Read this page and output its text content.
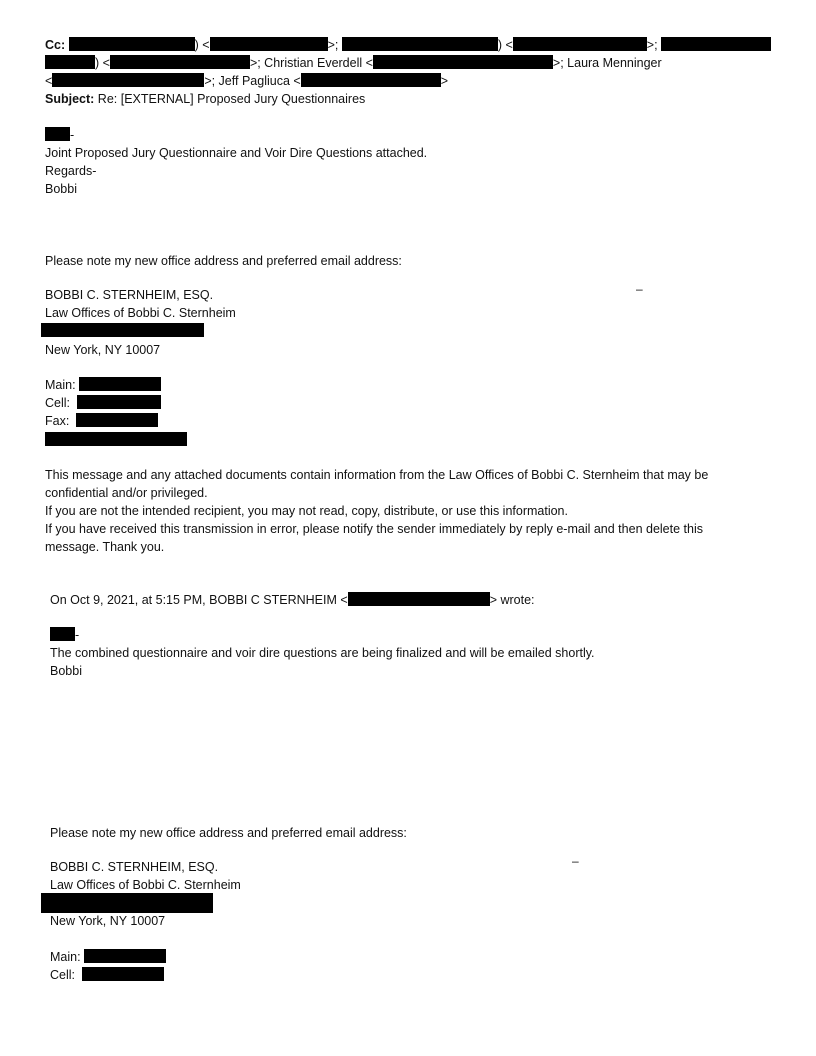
Cc:	) <	>;	) <	>;
) <	>; Christian Everdell <	>; Laura Menninger
<	>; Jeff Pagliuca <	>
Subject: Re: [EXTERNAL] Proposed Jury Questionnaires
-
Joint Proposed Jury Questionnaire and Voir Dire Questions attached.
Regards-
Bobbi
Please note my new office address and preferred email address:
–
BOBBI C. STERNHEIM, ESQ.
Law Offices of Bobbi C. Sternheim
New York, NY 10007
Main:
Cell:
Fax:
This message and any attached documents contain information from the Law Offices of Bobbi C. Sternheim that may be
confidential and/or privileged.
If you are not the intended recipient, you may not read, copy, distribute, or use this information.
If you have received this transmission in error, please notify the sender immediately by reply e-mail and then delete this
message. Thank you.
On Oct 9, 2021, at 5:15 PM, BOBBI C STERNHEIM <	> wrote:
-
The combined questionnaire and voir dire questions are being finalized and will be emailed shortly.
Bobbi
Please note my new office address and preferred email address:
–
BOBBI C. STERNHEIM, ESQ.
Law Offices of Bobbi C. Sternheim
New York, NY 10007
Main:
Cell:
